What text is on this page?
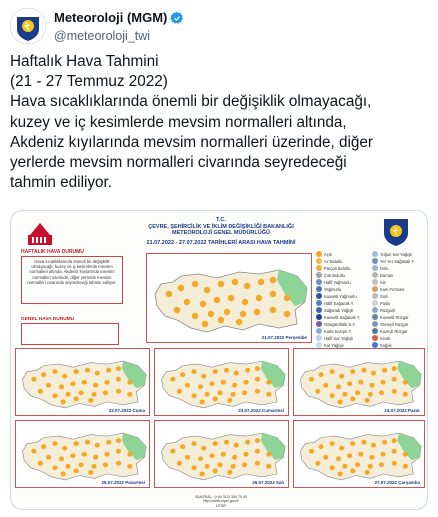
Meteoroloji (MGM)
@meteoroloji_twi
Haftalık Hava Tahmini
(21 - 27 Temmuz 2022)
Hava sıcaklıklarında önemli bir değişiklik olmayacağı,
kuzey ve iç kesimlerde mevsim normalleri altında,
Akdeniz kıyılarında mevsim normalleri üzerinde, diğer
yerlerde mevsim normalleri civarında seyredeceği
tahmin ediliyor.
T.C.
ÇEVRE, ŞEHİRCİLİK VE İKLİM DEĞİŞİKLİĞİ BAKANLIĞI
METEOROLOJİ GENEL MÜDÜRLÜĞÜ
21.07.2022 - 27.07.2022 TARİHLERİ ARASI HAVA TAHMİNİ
HAFTALIK HAVA DURUMU
Hava sıcaklıklarında önemli bir değişiklik olmayacağı, kuzey ve iç kesimlerde mevsim normalleri altında, Akdeniz kıyılarında mevsim normalleri üzerinde, diğer yerlerde mevsim normalleri civarında seyredeceği tahmin ediliyor.
GENEL HAVA DURUMU
21.07.2022 Perşembe
Açık
Az Bulutlu
Parçalı Bulutlu
Çok Bulutlu
Hafif Yağmurlu
Yağmurlu
Kuvvetli Yağmurlu
Hafif Sağanak Y.
Sağanak Yağışlı
Kuvvetli Sağanak Y.
Gökgürültülü S.Y.
Karla Karışık Y.
Hafif Kar Yağışlı
Kar Yağışlı
Yoğun Kar Yağışlı
Yer Yer Sağanak Y.
Dolu
Duman
Sis
Kum Fırtınası
Sisli
Puslu
Rüzgarlı
Kuvvetli Rüzgar
Güneyli Rüzgar
Kuzeyli Rüzgar
Sıcak
Soğuk
22.07.2022 Cuma	23.07.2022 Cumartesi	24.07.2022 Pazar
25.07.2022 Pazartesi	26.07.2022 Salı	27.07.2022 Çarşamba
SANTRAL : (+90 312) 359 75 45
http://www.mgm.gov.tr
ÜTÜR
